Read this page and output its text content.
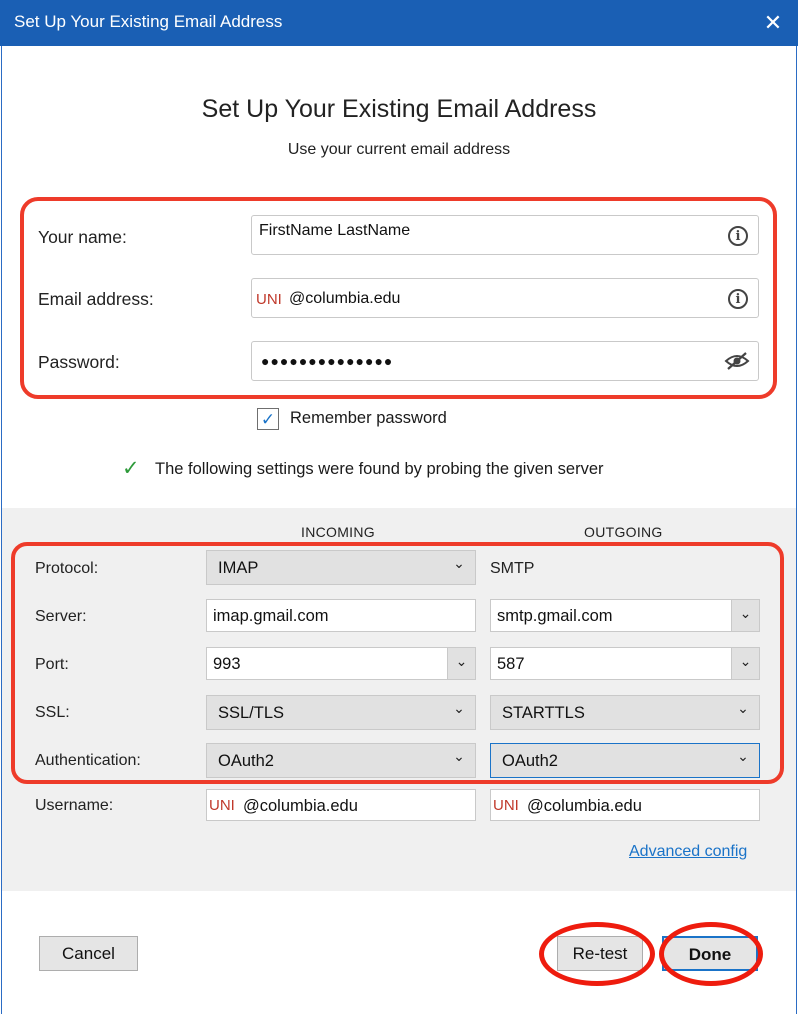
Set Up Your Existing Email Address	✕
Set Up Your Existing Email Address
Use your current email address
Your name:	FirstName LastName	i
Email address:	UNI @columbia.edu	i
Password:	●●●●●●●●●●●●●●
✓ Remember password
✓ The following settings were found by probing the given server
INCOMING	OUTGOING
Protocol:	IMAP	⌄	SMTP
Server:	imap.gmail.com	smtp.gmail.com	⌄
Port:	993	⌄	587	⌄
SSL:	SSL/TLS	⌄	STARTTLS	⌄
Authentication:	OAuth2	⌄	OAuth2	⌄
Username:	UNI @columbia.edu	UNI @columbia.edu
Advanced config
Cancel	Re-test	Done
